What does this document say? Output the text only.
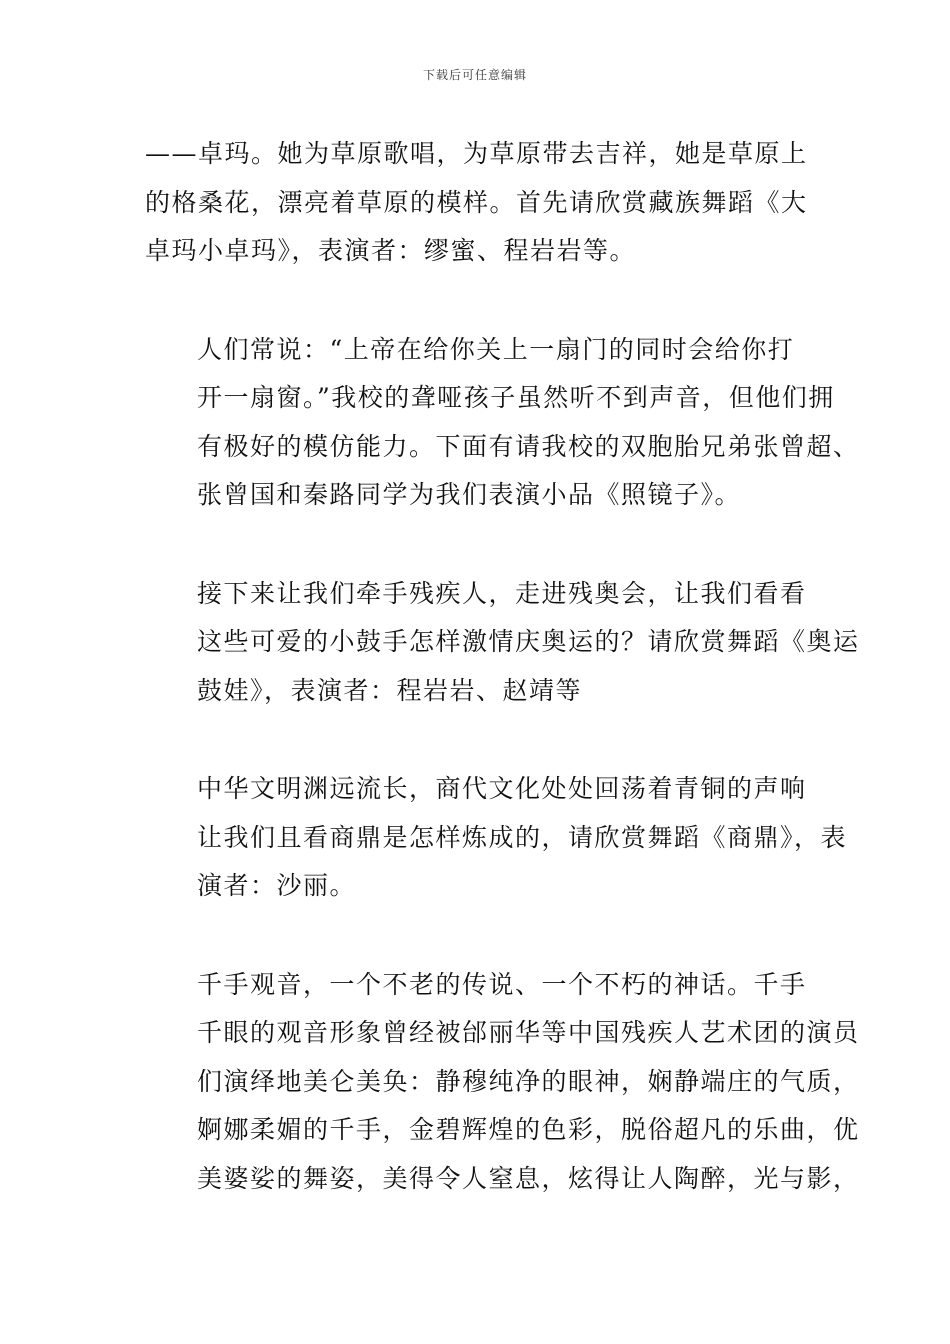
下载后可任意编辑

——卓玛。她为草原歌唱，为草原带去吉祥，她是草原上
的格桑花，漂亮着草原的模样。首先请欣赏藏族舞蹈《大
卓玛小卓玛》，表演者：缪蜜、程岩岩等。

人们常说：“上帝在给你关上一扇门的同时会给你打
开一扇窗。”我校的聋哑孩子虽然听不到声音，但他们拥
有极好的模仿能力。下面有请我校的双胞胎兄弟张曾超、
张曾国和秦路同学为我们表演小品《照镜子》。

接下来让我们牵手残疾人，走进残奥会，让我们看看
这些可爱的小鼓手怎样激情庆奥运的？请欣赏舞蹈《奥运
鼓娃》，表演者：程岩岩、赵靖等

中华文明渊远流长，商代文化处处回荡着青铜的声响
让我们且看商鼎是怎样炼成的，请欣赏舞蹈《商鼎》，表
演者：沙丽。

千手观音，一个不老的传说、一个不朽的神话。千手
千眼的观音形象曾经被邰丽华等中国残疾人艺术团的演员
们演绎地美仑美奂：静穆纯净的眼神，娴静端庄的气质，
婀娜柔媚的千手，金碧辉煌的色彩，脱俗超凡的乐曲，优
美婆娑的舞姿，美得令人窒息，炫得让人陶醉，光与影，
